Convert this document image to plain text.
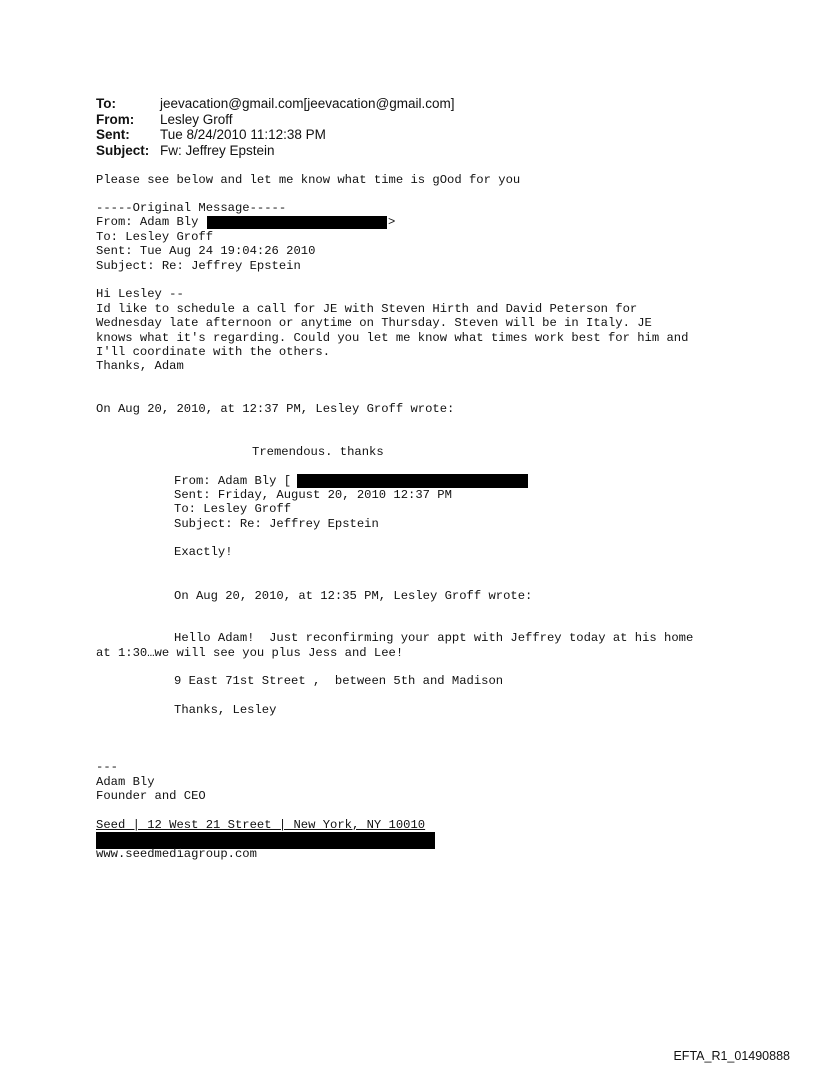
To:	jeevacation@gmail.com[jeevacation@gmail.com]
From:	Lesley Groff
Sent:	Tue 8/24/2010 11:12:38 PM
Subject: Fw: Jeffrey Epstein
Please see below and let me know what time is gOod for you
-----Original Message-----
From: Adam Bly	>
To: Lesley Groff
Sent: Tue Aug 24 19:04:26 2010
Subject: Re: Jeffrey Epstein
Hi Lesley --
Id like to schedule a call for JE with Steven Hirth and David Peterson for
Wednesday late afternoon or anytime on Thursday. Steven will be in Italy. JE
knows what it's regarding. Could you let me know what times work best for him and
I'll coordinate with the others.
Thanks, Adam
On Aug 20, 2010, at 12:37 PM, Lesley Groff wrote:
Tremendous. thanks
From: Adam Bly [
Sent: Friday, August 20, 2010 12:37 PM
To: Lesley Groff
Subject: Re: Jeffrey Epstein
Exactly!
On Aug 20, 2010, at 12:35 PM, Lesley Groff wrote:
Hello Adam!  Just reconfirming your appt with Jeffrey today at his home
at 1:30…we will see you plus Jess and Lee!
9 East 71st Street ,  between 5th and Madison
Thanks, Lesley
---
Adam Bly
Founder and CEO
Seed | 12 West 21 Street | New York, NY 10010
www.seedmediagroup.com
EFTA_R1_01490888
